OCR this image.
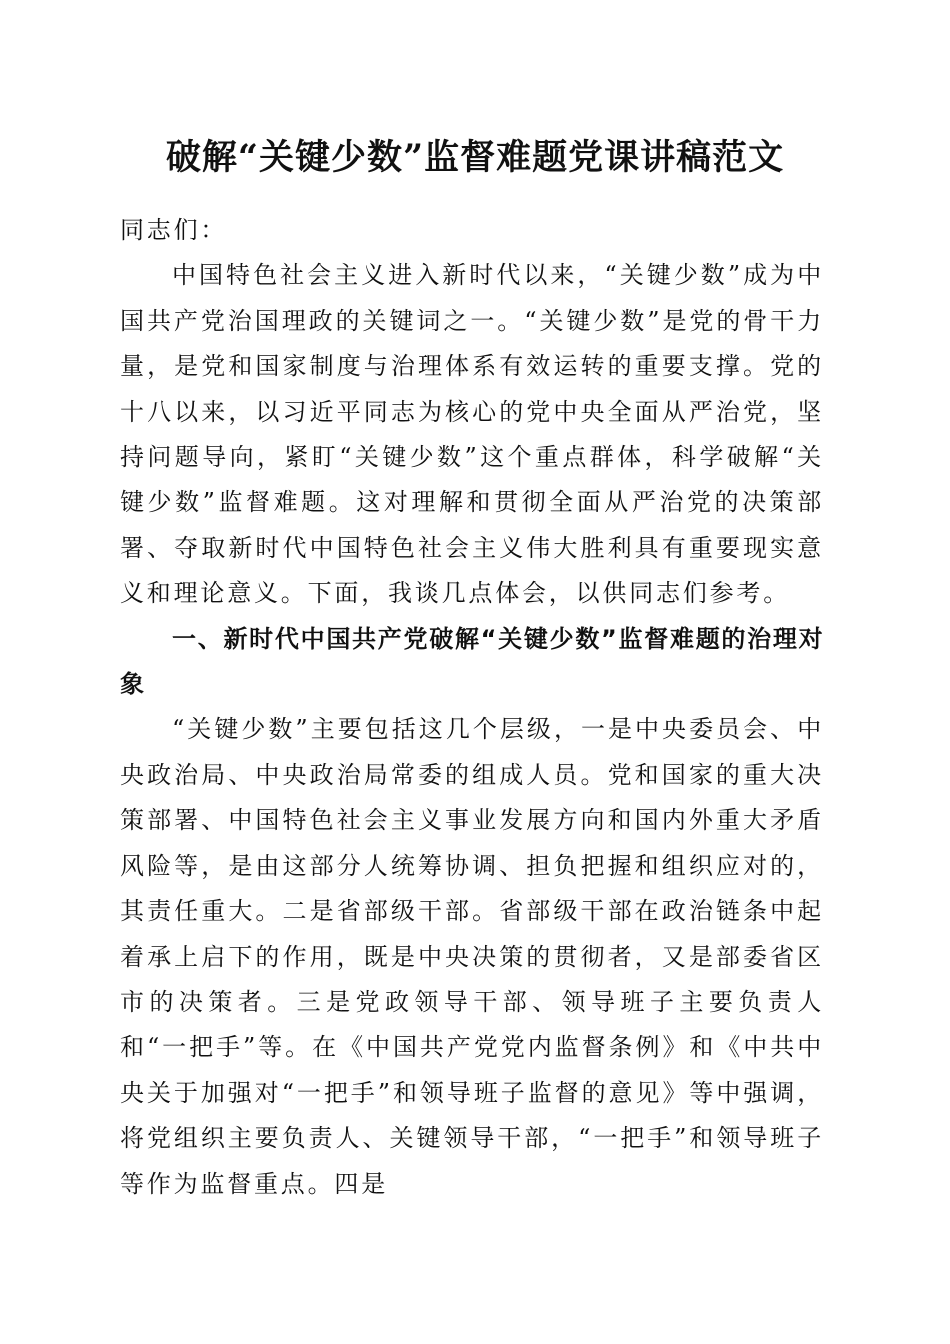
破解“关键少数”监督难题党课讲稿范文

同志们：

中国特色社会主义进入新时代以来，“关键少数”成为中国共产党治国理政的关键词之一。“关键少数”是党的骨干力量，是党和国家制度与治理体系有效运转的重要支撑。党的十八以来，以习近平同志为核心的党中央全面从严治党，坚持问题导向，紧盯“关键少数”这个重点群体，科学破解“关键少数”监督难题。这对理解和贯彻全面从严治党的决策部署、夺取新时代中国特色社会主义伟大胜利具有重要现实意义和理论意义。下面，我谈几点体会，以供同志们参考。

一、新时代中国共产党破解“关键少数”监督难题的治理对象

“关键少数”主要包括这几个层级，一是中央委员会、中央政治局、中央政治局常委的组成人员。党和国家的重大决策部署、中国特色社会主义事业发展方向和国内外重大矛盾风险等，是由这部分人统筹协调、担负把握和组织应对的，其责任重大。二是省部级干部。省部级干部在政治链条中起着承上启下的作用，既是中央决策的贯彻者，又是部委省区市的决策者。三是党政领导干部、领导班子主要负责人和“一把手”等。在《中国共产党党内监督条例》和《中共中央关于加强对“一把手”和领导班子监督的意见》等中强调，将党组织主要负责人、关键领导干部，“一把手”和领导班子等作为监督重点。四是
